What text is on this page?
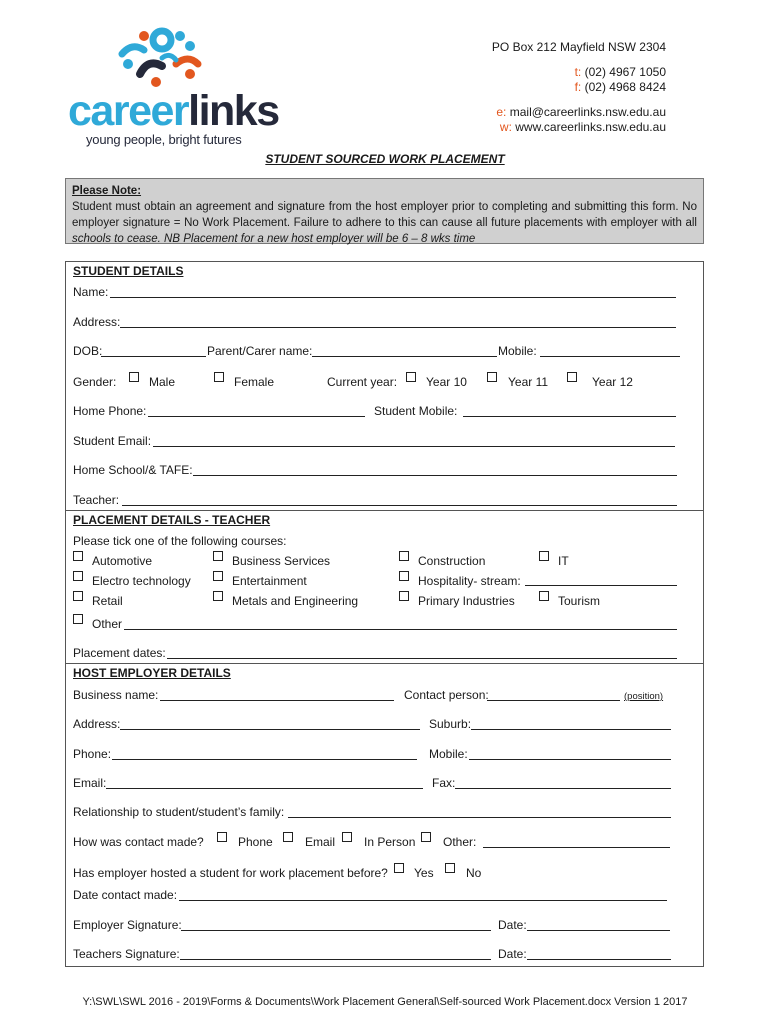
careerlinks
young people, bright futures
PO Box 212 Mayfield NSW 2304
t: (02) 4967 1050
f: (02) 4968 8424
e: mail@careerlinks.nsw.edu.au
w: www.careerlinks.nsw.edu.au
STUDENT SOURCED WORK PLACEMENT
Please Note:
Student must obtain an agreement and signature from the host employer prior to completing and submitting this form. No employer signature = No Work Placement. Failure to adhere to this can cause all future placements with employer with all schools to cease. NB Placement for a new host employer will be 6 – 8 wks time
STUDENT DETAILS
Name:
Address:
DOB:	Parent/Carer name:	Mobile:
Gender:	Male	Female	Current year: Year 10	Year 11	Year 12
Home Phone:	Student Mobile:
Student Email:
Home School/& TAFE:
Teacher:
PLACEMENT DETAILS - TEACHER
Please tick one of the following courses:
Automotive	Business Services	Construction	IT
Electro technology	Entertainment	Hospitality- stream:
Retail	Metals and Engineering	Primary Industries	Tourism
Other
Placement dates:
HOST EMPLOYER DETAILS
Business name:	Contact person:	(position)
Address:	Suburb:
Phone:	Mobile:
Email:	Fax:
Relationship to student/student’s family:
How was contact made?	Phone	Email In Person Other:
Has employer hosted a student for work placement before? Yes	No
Date contact made:
Employer Signature:	Date:
Teachers Signature:	Date:
Y:\SWL\SWL 2016 - 2019\Forms & Documents\Work Placement General\Self-sourced Work Placement.docx Version 1 2017
